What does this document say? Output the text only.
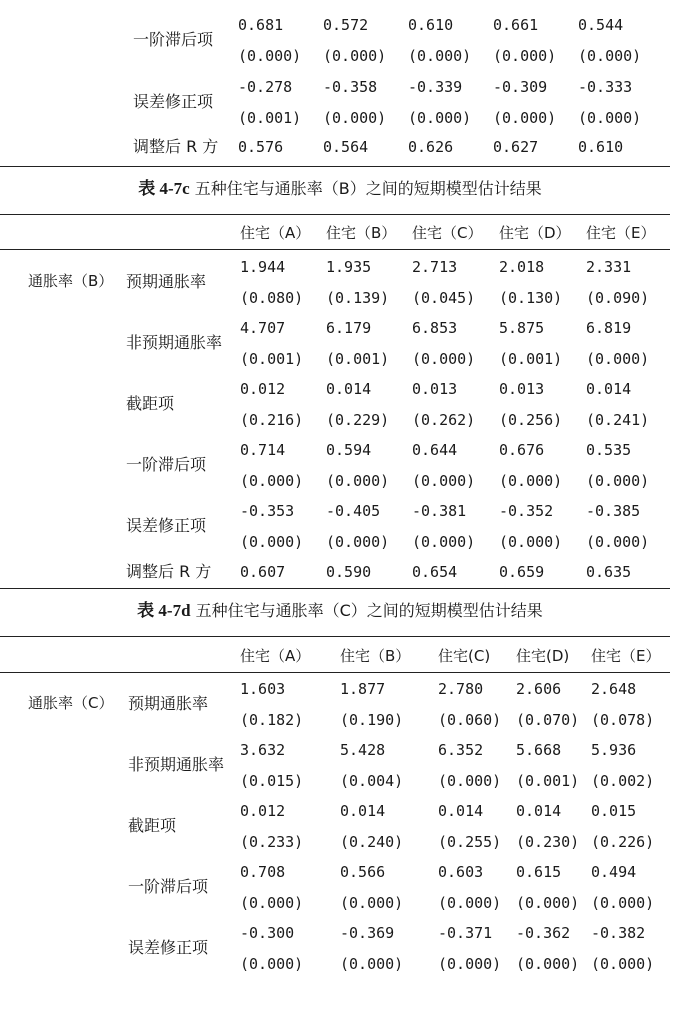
一阶滞后项
0.681	0.572	0.610	0.661	0.544
(0.000) (0.000) (0.000) (0.000) (0.000)
误差修正项
-0.278 -0.358 -0.339 -0.309 -0.333
(0.001) (0.000) (0.000) (0.000) (0.000)
调整后 R 方 0.576	0.564	0.626	0.627	0.610
表 4-7c 五种住宅与通胀率（B）之间的短期模型估计结果
住宅（A） 住宅（B） 住宅（C） 住宅（D） 住宅（E）
通胀率（B） 预期通胀率
1.944	1.935	2.713	2.018	2.331
(0.080) (0.139) (0.045) (0.130) (0.090)
非预期通胀率
4.707	6.179	6.853	5.875	6.819
(0.001) (0.001) (0.000) (0.001) (0.000)
截距项
0.012	0.014	0.013	0.013	0.014
(0.216) (0.229) (0.262) (0.256) (0.241)
一阶滞后项
0.714	0.594	0.644	0.676	0.535
(0.000) (0.000) (0.000) (0.000) (0.000)
误差修正项
-0.353 -0.405 -0.381 -0.352 -0.385
(0.000) (0.000) (0.000) (0.000) (0.000)
调整后 R 方 0.607	0.590	0.654	0.659	0.635
表 4-7d 五种住宅与通胀率（C）之间的短期模型估计结果
住宅（A） 住宅（B） 住宅(C) 住宅(D) 住宅（E）
通胀率（C） 预期通胀率
1.603	1.877	2.780 2.606 2.648
(0.182) (0.190) (0.060) (0.070) (0.078)
非预期通胀率
3.632	5.428	6.352 5.668 5.936
(0.015) (0.004) (0.000) (0.001) (0.002)
截距项
0.012	0.014	0.014 0.014 0.015
(0.233) (0.240) (0.255) (0.230) (0.226)
一阶滞后项
0.708	0.566	0.603 0.615 0.494
(0.000) (0.000) (0.000) (0.000) (0.000)
误差修正项
-0.300	-0.369	-0.371 -0.362 -0.382
(0.000) (0.000) (0.000) (0.000) (0.000)
